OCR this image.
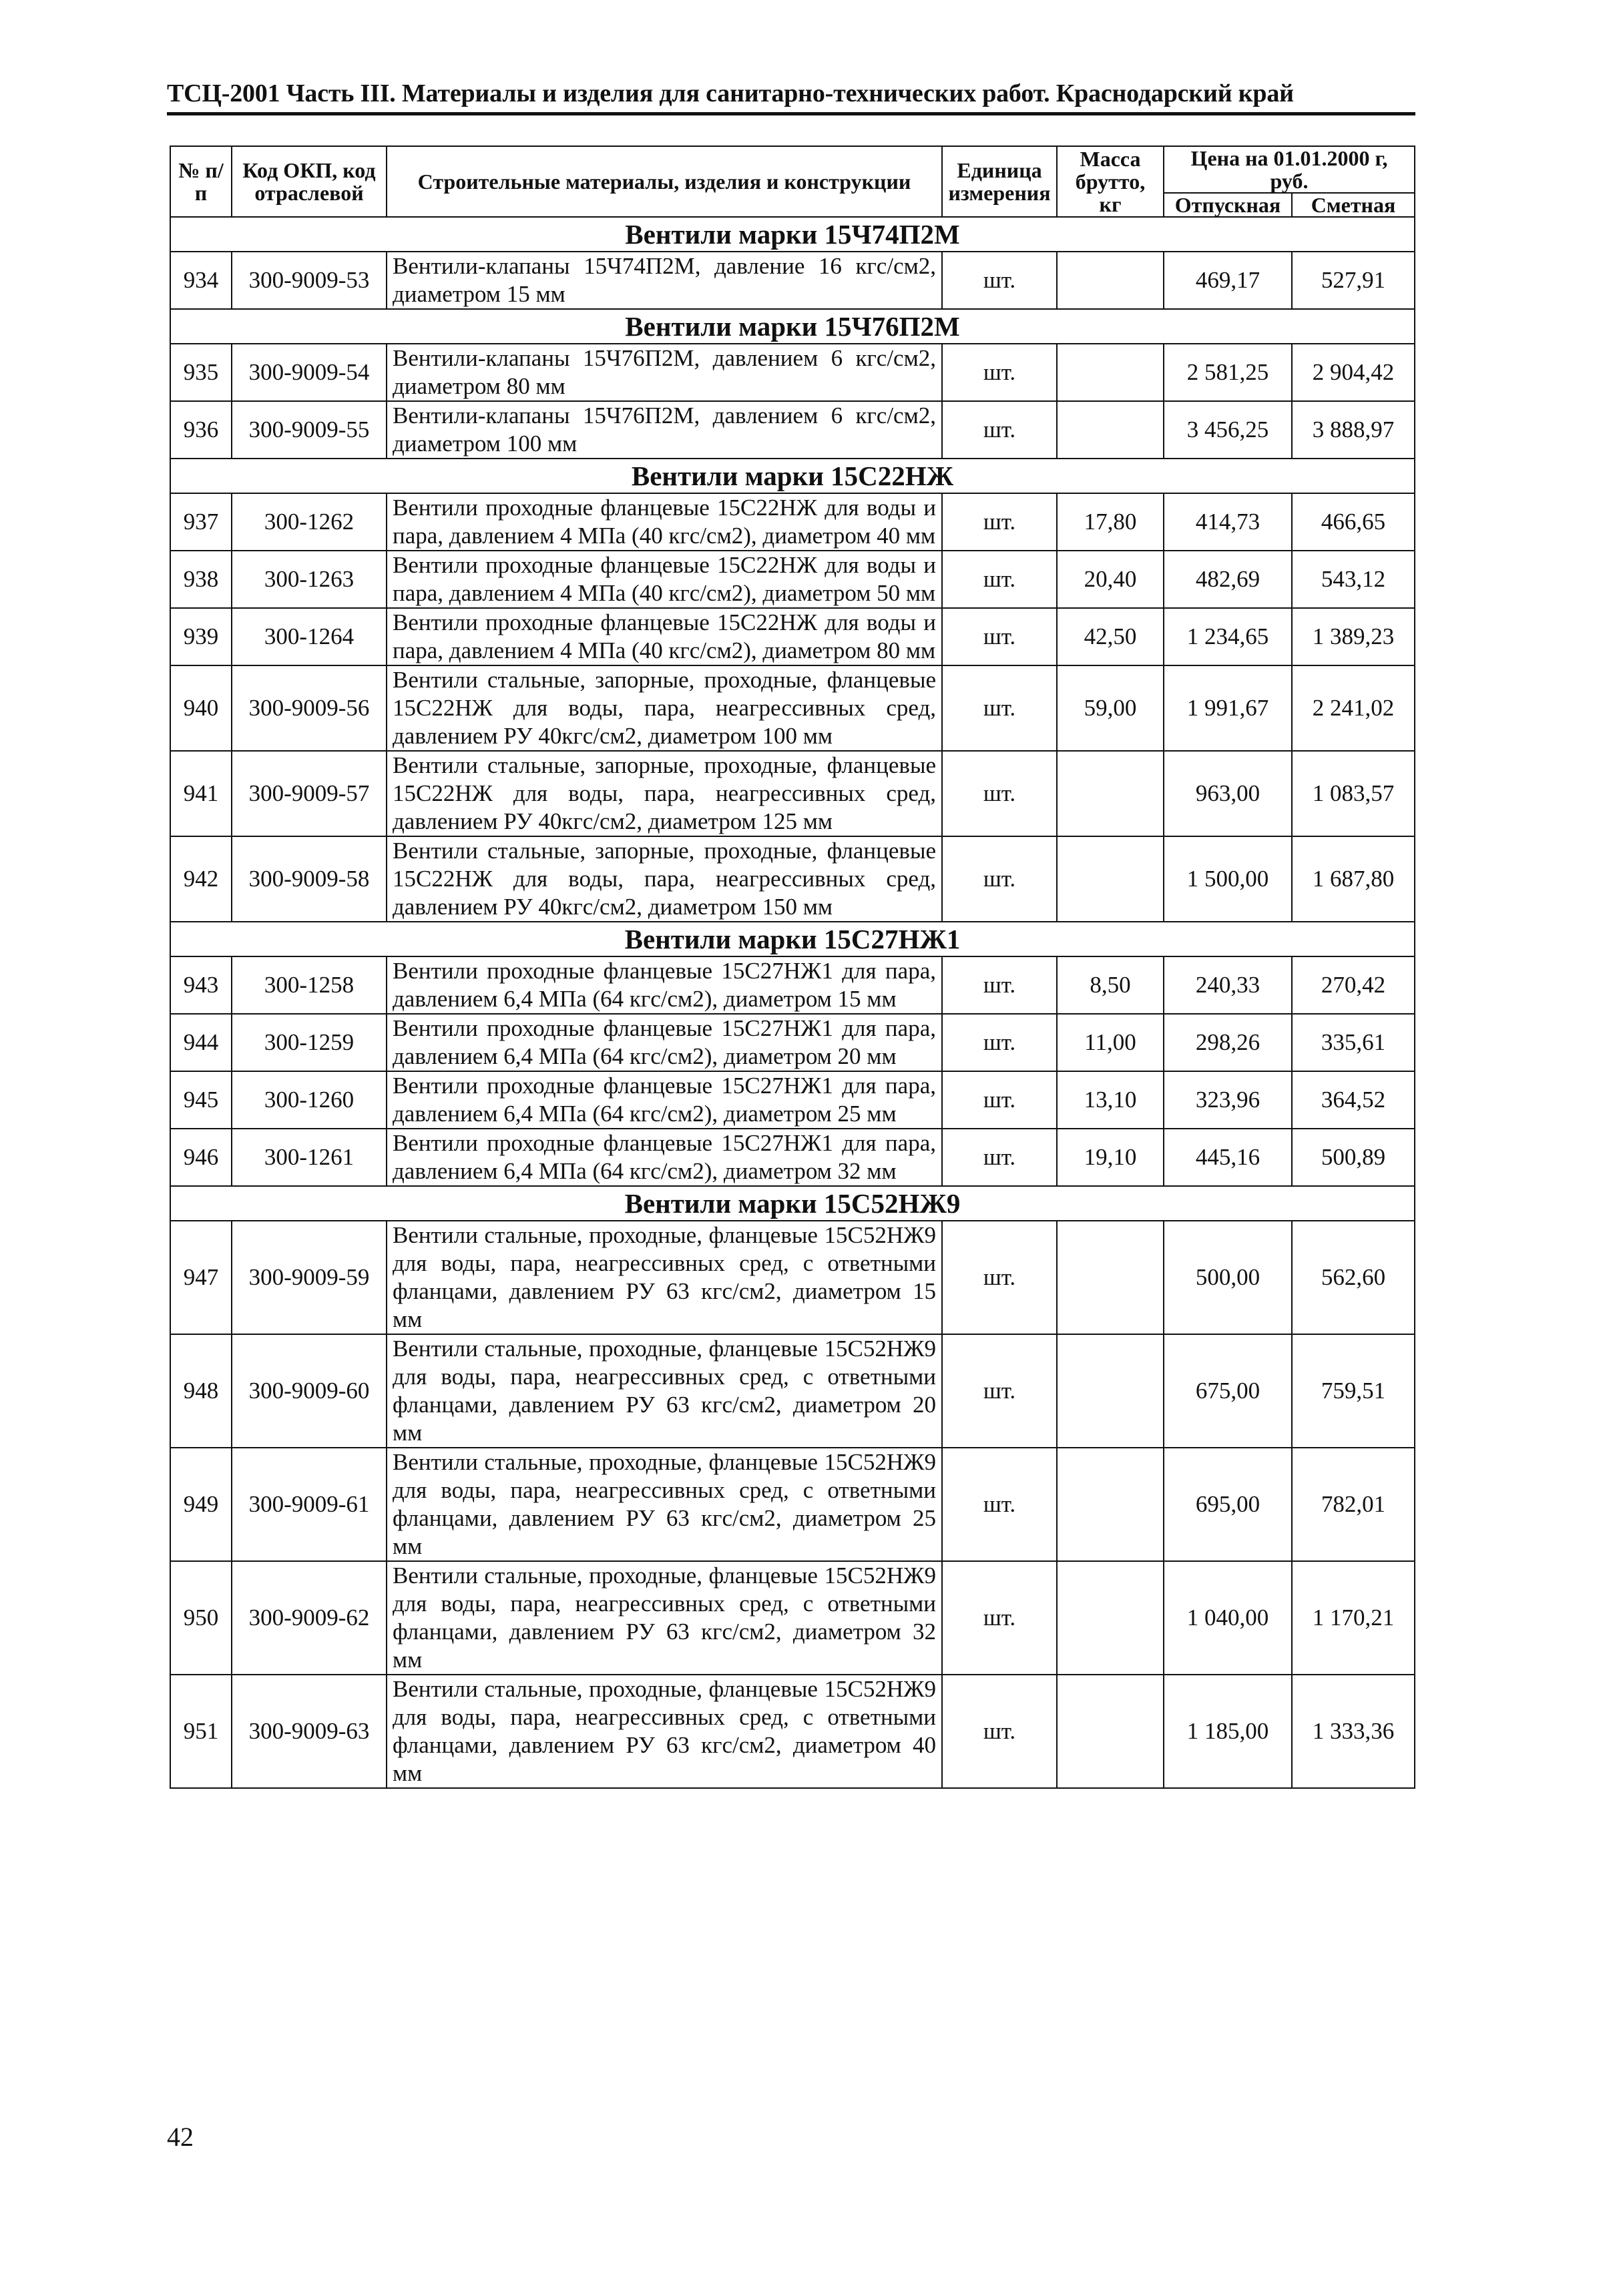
ТСЦ-2001 Часть III. Материалы и изделия для санитарно-технических работ. Краснодарский край
№ п/п	Код ОКП, код отраслевой	Строительные материалы, изделия и конструкции	Единица измерения	Масса брутто, кг	Цена на 01.01.2000 г, руб.	
					Отпускная	Сметная
Вентили марки 15Ч74П2М						
934	300-9009-53	Вентили-клапаны 15Ч74П2М, давление 16 кгс/см2, диаметром 15 мм	шт.		469,17	527,91
Вентили марки 15Ч76П2М						
935	300-9009-54	Вентили-клапаны 15Ч76П2М, давлением 6 кгс/см2, диаметром 80 мм	шт.		2 581,25	2 904,42
936	300-9009-55	Вентили-клапаны 15Ч76П2М, давлением 6 кгс/см2, диаметром 100 мм	шт.		3 456,25	3 888,97
Вентили марки 15С22НЖ						
937	300-1262	Вентили проходные фланцевые 15С22НЖ для воды и пара, давлением 4 МПа (40 кгс/см2), диаметром 40 мм	шт.	17,80	414,73	466,65
938	300-1263	Вентили проходные фланцевые 15С22НЖ для воды и пара, давлением 4 МПа (40 кгс/см2), диаметром 50 мм	шт.	20,40	482,69	543,12
939	300-1264	Вентили проходные фланцевые 15С22НЖ для воды и пара, давлением 4 МПа (40 кгс/см2), диаметром 80 мм	шт.	42,50	1 234,65	1 389,23
940	300-9009-56	Вентили стальные, запорные, проходные, фланцевые 15С22НЖ для воды, пара, неагрессивных сред, давлением РУ 40кгс/см2, диаметром 100 мм	шт.	59,00	1 991,67	2 241,02
941	300-9009-57	Вентили стальные, запорные, проходные, фланцевые 15С22НЖ для воды, пара, неагрессивных сред, давлением РУ 40кгс/см2, диаметром 125 мм	шт.		963,00	1 083,57
942	300-9009-58	Вентили стальные, запорные, проходные, фланцевые 15С22НЖ для воды, пара, неагрессивных сред, давлением РУ 40кгс/см2, диаметром 150 мм	шт.		1 500,00	1 687,80
Вентили марки 15С27НЖ1						
943	300-1258	Вентили проходные фланцевые 15С27НЖ1 для пара, давлением 6,4 МПа (64 кгс/см2), диаметром 15 мм	шт.	8,50	240,33	270,42
944	300-1259	Вентили проходные фланцевые 15С27НЖ1 для пара, давлением 6,4 МПа (64 кгс/см2), диаметром 20 мм	шт.	11,00	298,26	335,61
945	300-1260	Вентили проходные фланцевые 15С27НЖ1 для пара, давлением 6,4 МПа (64 кгс/см2), диаметром 25 мм	шт.	13,10	323,96	364,52
946	300-1261	Вентили проходные фланцевые 15С27НЖ1 для пара, давлением 6,4 МПа (64 кгс/см2), диаметром 32 мм	шт.	19,10	445,16	500,89
Вентили марки 15С52НЖ9						
947	300-9009-59	Вентили стальные, проходные, фланцевые 15С52НЖ9 для воды, пара, неагрессивных сред, с ответными фланцами, давлением РУ 63 кгс/см2, диаметром 15 мм	шт.		500,00	562,60
948	300-9009-60	Вентили стальные, проходные, фланцевые 15С52НЖ9 для воды, пара, неагрессивных сред, с ответными фланцами, давлением РУ 63 кгс/см2, диаметром 20 мм	шт.		675,00	759,51
949	300-9009-61	Вентили стальные, проходные, фланцевые 15С52НЖ9 для воды, пара, неагрессивных сред, с ответными фланцами, давлением РУ 63 кгс/см2, диаметром 25 мм	шт.		695,00	782,01
950	300-9009-62	Вентили стальные, проходные, фланцевые 15С52НЖ9 для воды, пара, неагрессивных сред, с ответными фланцами, давлением РУ 63 кгс/см2, диаметром 32 мм	шт.		1 040,00	1 170,21
951	300-9009-63	Вентили стальные, проходные, фланцевые 15С52НЖ9 для воды, пара, неагрессивных сред, с ответными фланцами, давлением РУ 63 кгс/см2, диаметром 40 мм	шт.		1 185,00	1 333,36
42
